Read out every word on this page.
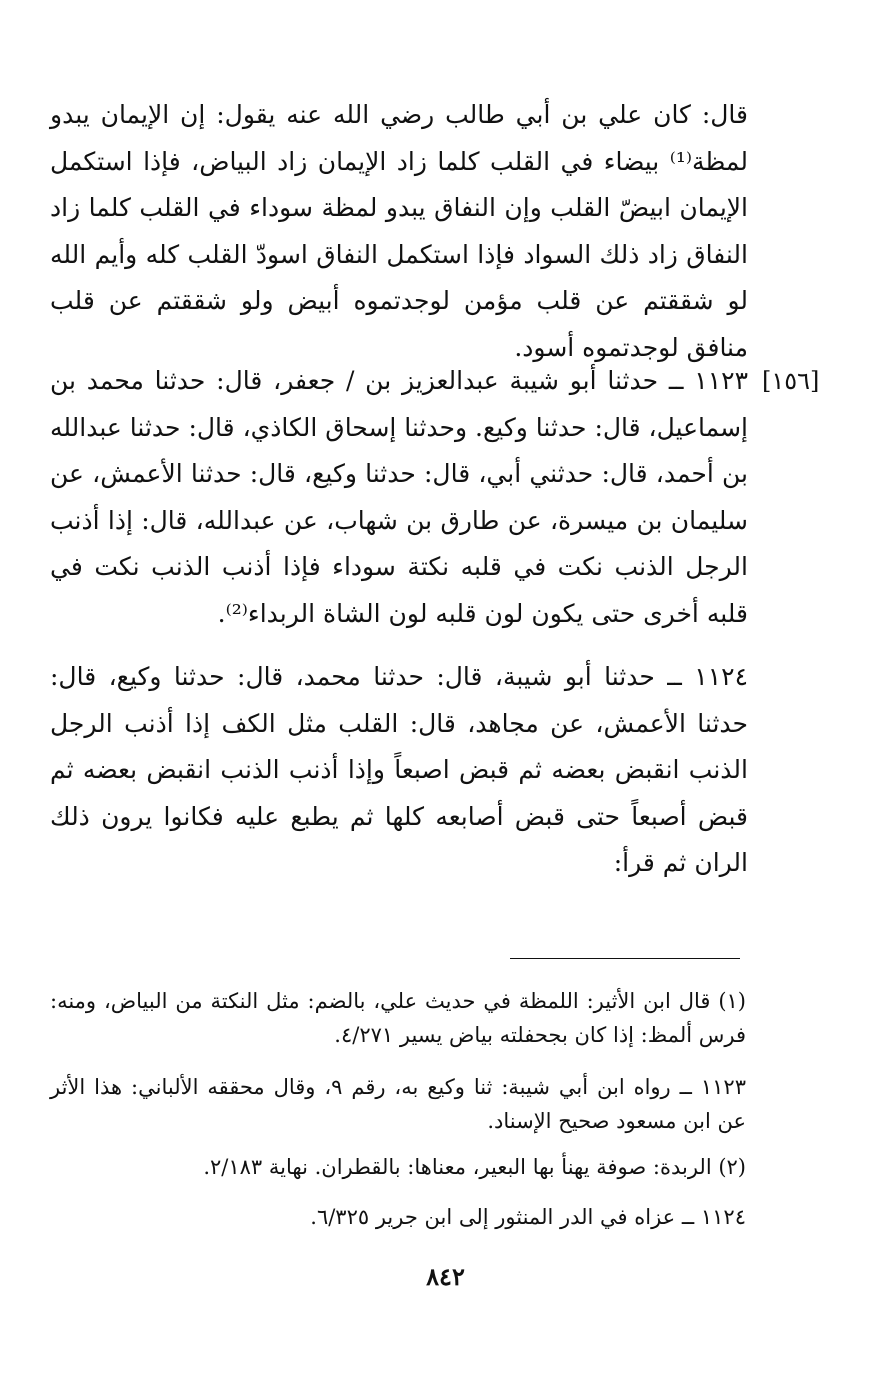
قال: كان علي بن أبي طالب رضي الله عنه يقول: إن الإيمان يبدو لمظة⁽¹⁾ بيضاء في القلب كلما زاد الإيمان زاد البياض، فإذا استكمل الإيمان ابيضّ القلب وإن النفاق يبدو لمظة سوداء في القلب كلما زاد النفاق زاد ذلك السواد فإذا استكمل النفاق اسودّ القلب كله وأيم الله لو شققتم عن قلب مؤمن لوجدتموه أبيض ولو شققتم عن قلب منافق لوجدتموه أسود.

[١٥٦]

١١٢٣ ــ حدثنا أبو شيبة عبدالعزيز بن / جعفر، قال: حدثنا محمد بن إسماعيل، قال: حدثنا وكيع. وحدثنا إسحاق الكاذي، قال: حدثنا عبدالله بن أحمد، قال: حدثني أبي، قال: حدثنا وكيع، قال: حدثنا الأعمش، عن سليمان بن ميسرة، عن طارق بن شهاب، عن عبدالله، قال: إذا أذنب الرجل الذنب نكت في قلبه نكتة سوداء فإذا أذنب الذنب نكت في قلبه أخرى حتى يكون لون قلبه لون الشاة الربداء⁽²⁾.

١١٢٤ ــ حدثنا أبو شيبة، قال: حدثنا محمد، قال: حدثنا وكيع، قال: حدثنا الأعمش، عن مجاهد، قال: القلب مثل الكف إذا أذنب الرجل الذنب انقبض بعضه ثم قبض اصبعاً وإذا أذنب الذنب انقبض بعضه ثم قبض أصبعاً حتى قبض أصابعه كلها ثم يطبع عليه فكانوا يرون ذلك الران ثم قرأ:

(١) قال ابن الأثير: اللمظة في حديث علي، بالضم: مثل النكتة من البياض، ومنه: فرس ألمظ: إذا كان بجحفلته بياض يسير ٤/٢٧١.

١١٢٣ ــ رواه ابن أبي شيبة: ثنا وكيع به، رقم ٩، وقال محققه الألباني: هذا الأثر عن ابن مسعود صحيح الإسناد.

(٢) الربدة: صوفة يهنأ بها البعير، معناها: بالقطران. نهاية ٢/١٨٣.

١١٢٤ ــ عزاه في الدر المنثور إلى ابن جرير ٦/٣٢٥.

٨٤٢
